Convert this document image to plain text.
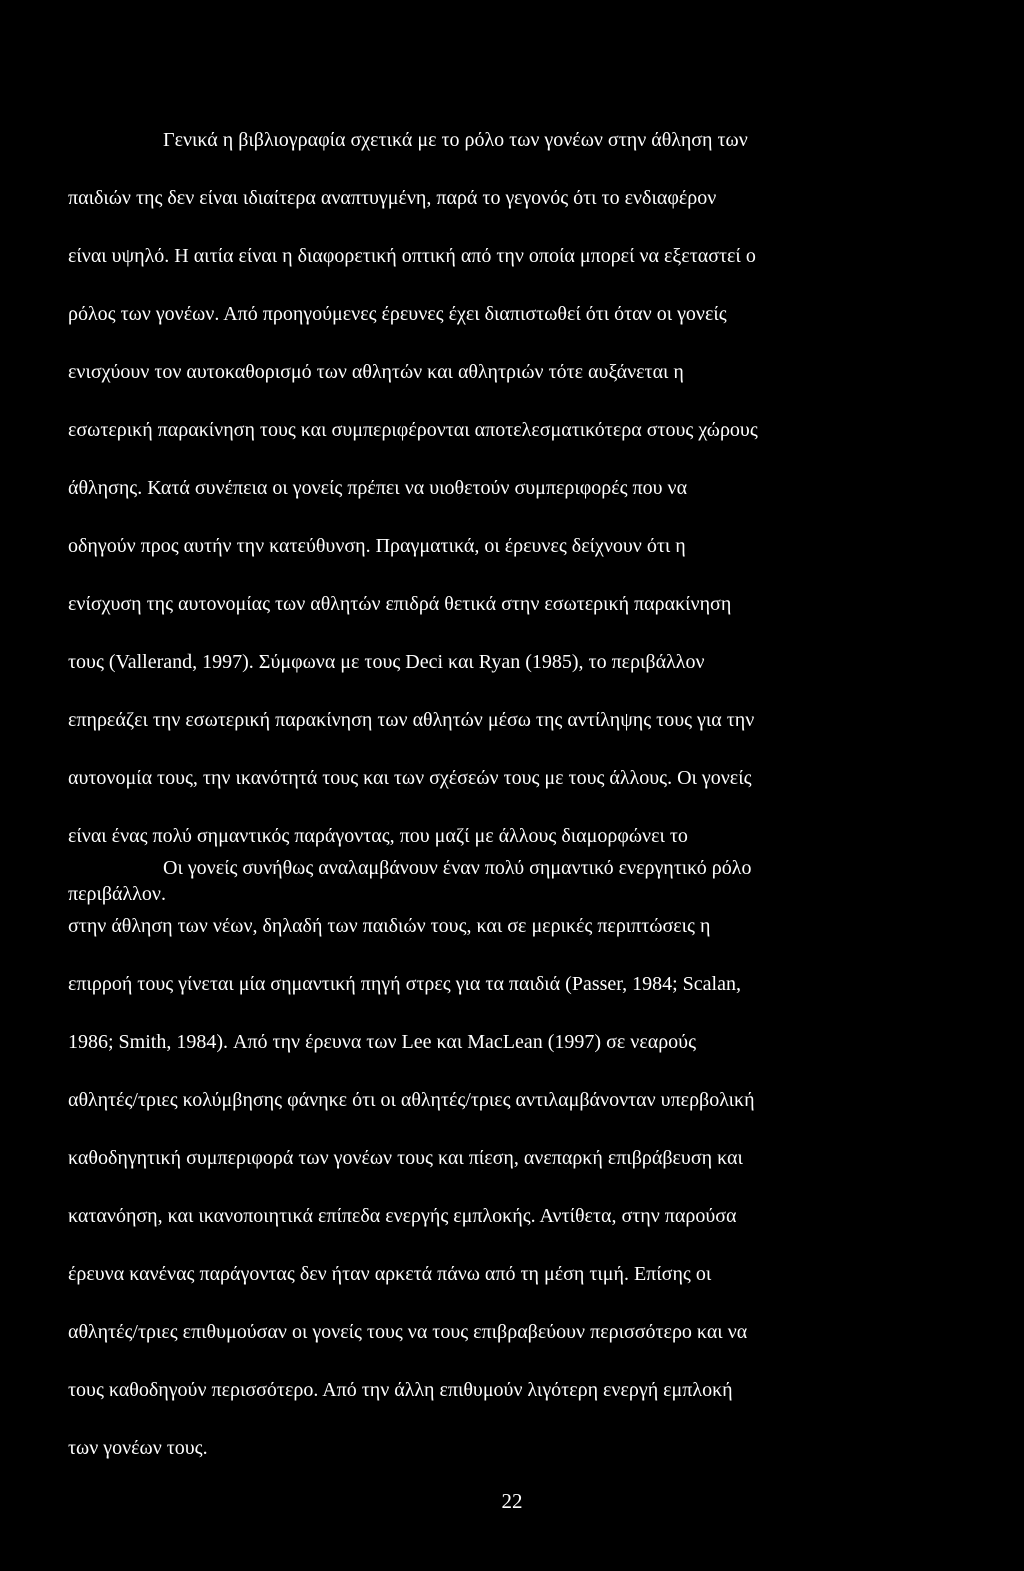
Γενικά η βιβλιογραφία σχετικά με το ρόλο των γονέων στην άθληση των
παιδιών της δεν είναι ιδιαίτερα αναπτυγμένη, παρά το γεγονός ότι το ενδιαφέρον
είναι υψηλό. Η αιτία είναι η διαφορετική οπτική από την οποία μπορεί να εξεταστεί ο
ρόλος των γονέων. Από προηγούμενες έρευνες έχει διαπιστωθεί ότι όταν οι γονείς
ενισχύουν τον αυτοκαθορισμό των αθλητών και αθλητριών τότε αυξάνεται η
εσωτερική παρακίνηση τους και συμπεριφέρονται αποτελεσματικότερα στους χώρους
άθλησης. Κατά συνέπεια οι γονείς πρέπει να υιοθετούν συμπεριφορές που να
οδηγούν προς αυτήν την κατεύθυνση. Πραγματικά, οι έρευνες δείχνουν ότι η
ενίσχυση της αυτονομίας των αθλητών επιδρά θετικά στην εσωτερική παρακίνηση
τους (Vallerand, 1997). Σύμφωνα με τους Deci και Ryan (1985), το περιβάλλον
επηρεάζει την εσωτερική παρακίνηση των αθλητών μέσω της αντίληψης τους για την
αυτονομία τους, την ικανότητά τους και των σχέσεών τους με τους άλλους. Οι γονείς
είναι ένας πολύ σημαντικός παράγοντας, που μαζί με άλλους διαμορφώνει το
περιβάλλον.

Οι γονείς συνήθως αναλαμβάνουν έναν πολύ σημαντικό ενεργητικό ρόλο
στην άθληση των νέων, δηλαδή των παιδιών τους, και σε μερικές περιπτώσεις η
επιρροή τους γίνεται μία σημαντική πηγή στρες για τα παιδιά (Passer, 1984; Scalan,
1986; Smith, 1984). Από την έρευνα των Lee και MacLean (1997) σε νεαρούς
αθλητές/τριες κολύμβησης φάνηκε ότι οι αθλητές/τριες αντιλαμβάνονταν υπερβολική
καθοδηγητική συμπεριφορά των γονέων τους και πίεση, ανεπαρκή επιβράβευση και
κατανόηση, και ικανοποιητικά επίπεδα ενεργής εμπλοκής. Αντίθετα, στην παρούσα
έρευνα κανένας παράγοντας δεν ήταν αρκετά πάνω από τη μέση τιμή. Επίσης οι
αθλητές/τριες επιθυμούσαν οι γονείς τους να τους επιβραβεύουν περισσότερο και να
τους καθοδηγούν περισσότερο. Από την άλλη επιθυμούν λιγότερη ενεργή εμπλοκή
των γονέων τους.

22
